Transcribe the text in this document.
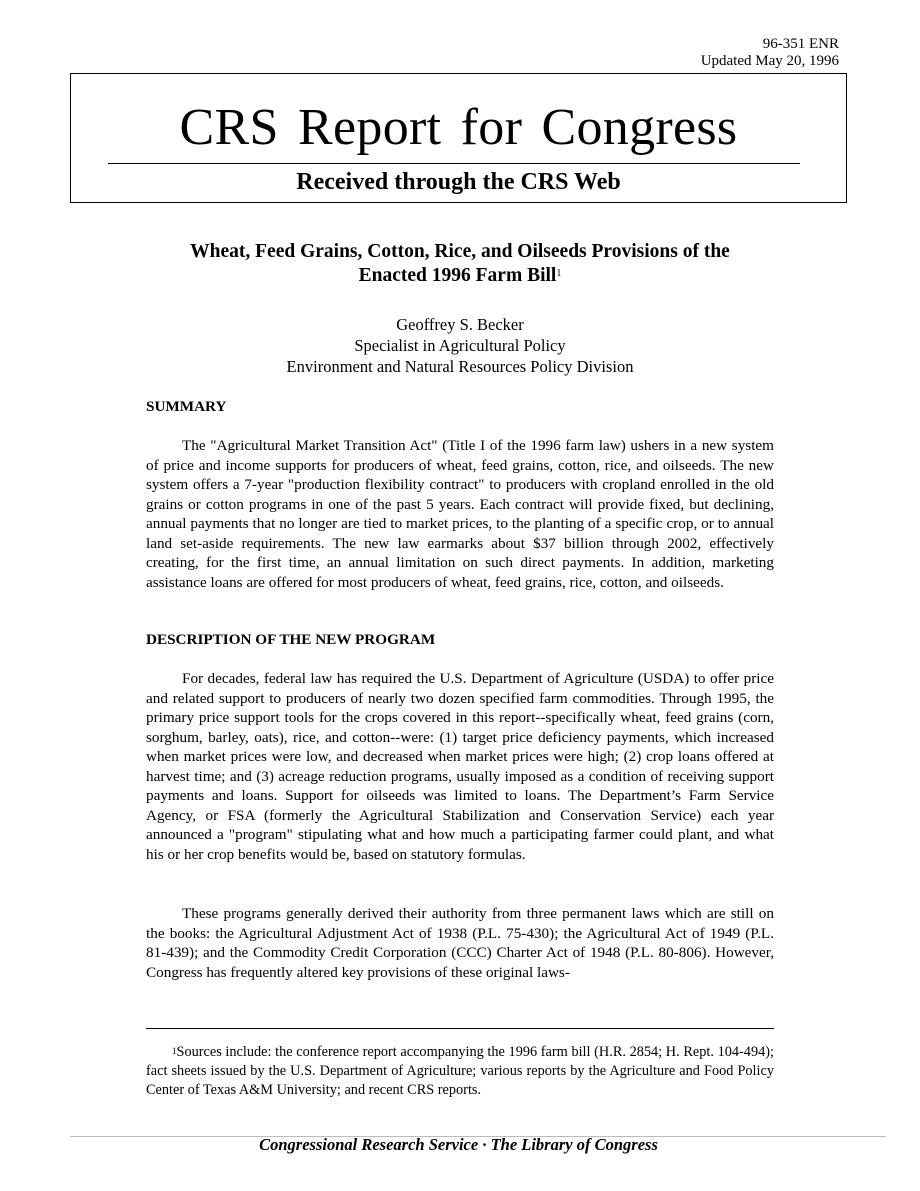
96-351 ENR
Updated May 20, 1996
CRS Report for Congress
Received through the CRS Web
Wheat, Feed Grains, Cotton, Rice, and Oilseeds Provisions of the
Enacted 1996 Farm Bill$^1$
Geoffrey S. Becker
Specialist in Agricultural Policy
Environment and Natural Resources Policy Division
SUMMARY

The "Agricultural Market Transition Act" (Title I of the 1996 farm law) ushers in a new system of price and income supports for producers of wheat, feed grains, cotton, rice, and oilseeds. The new system offers a 7-year "production flexibility contract" to producers with cropland enrolled in the old grains or cotton programs in one of the past 5 years. Each contract will provide fixed, but declining, annual payments that no longer are tied to market prices, to the planting of a specific crop, or to annual land set-aside requirements. The new law earmarks about $37 billion through 2002, effectively creating, for the first time, an annual limitation on such direct payments. In addition, marketing assistance loans are offered for most producers of wheat, feed grains, rice, cotton, and oilseeds.

DESCRIPTION OF THE NEW PROGRAM

For decades, federal law has required the U.S. Department of Agriculture (USDA) to offer price and related support to producers of nearly two dozen specified farm commodities. Through 1995, the primary price support tools for the crops covered in this report--specifically wheat, feed grains (corn, sorghum, barley, oats), rice, and cotton--were: (1) target price deficiency payments, which increased when market prices were low, and decreased when market prices were high; (2) crop loans offered at harvest time; and (3) acreage reduction programs, usually imposed as a condition of receiving support payments and loans. Support for oilseeds was limited to loans. The Department’s Farm Service Agency, or FSA (formerly the Agricultural Stabilization and Conservation Service) each year announced a "program" stipulating what and how much a participating farmer could plant, and what his or her crop benefits would be, based on statutory formulas.

These programs generally derived their authority from three permanent laws which are still on the books: the Agricultural Adjustment Act of 1938 (P.L. 75-430); the Agricultural Act of 1949 (P.L. 81-439); and the Commodity Credit Corporation (CCC) Charter Act of 1948 (P.L. 80-806). However, Congress has frequently altered key provisions of these original laws-

$^1$Sources include: the conference report accompanying the 1996 farm bill (H.R. 2854; H. Rept. 104-494); fact sheets issued by the U.S. Department of Agriculture; various reports by the Agriculture and Food Policy Center of Texas A&M University; and recent CRS reports.

Congressional Research Service · The Library of Congress
